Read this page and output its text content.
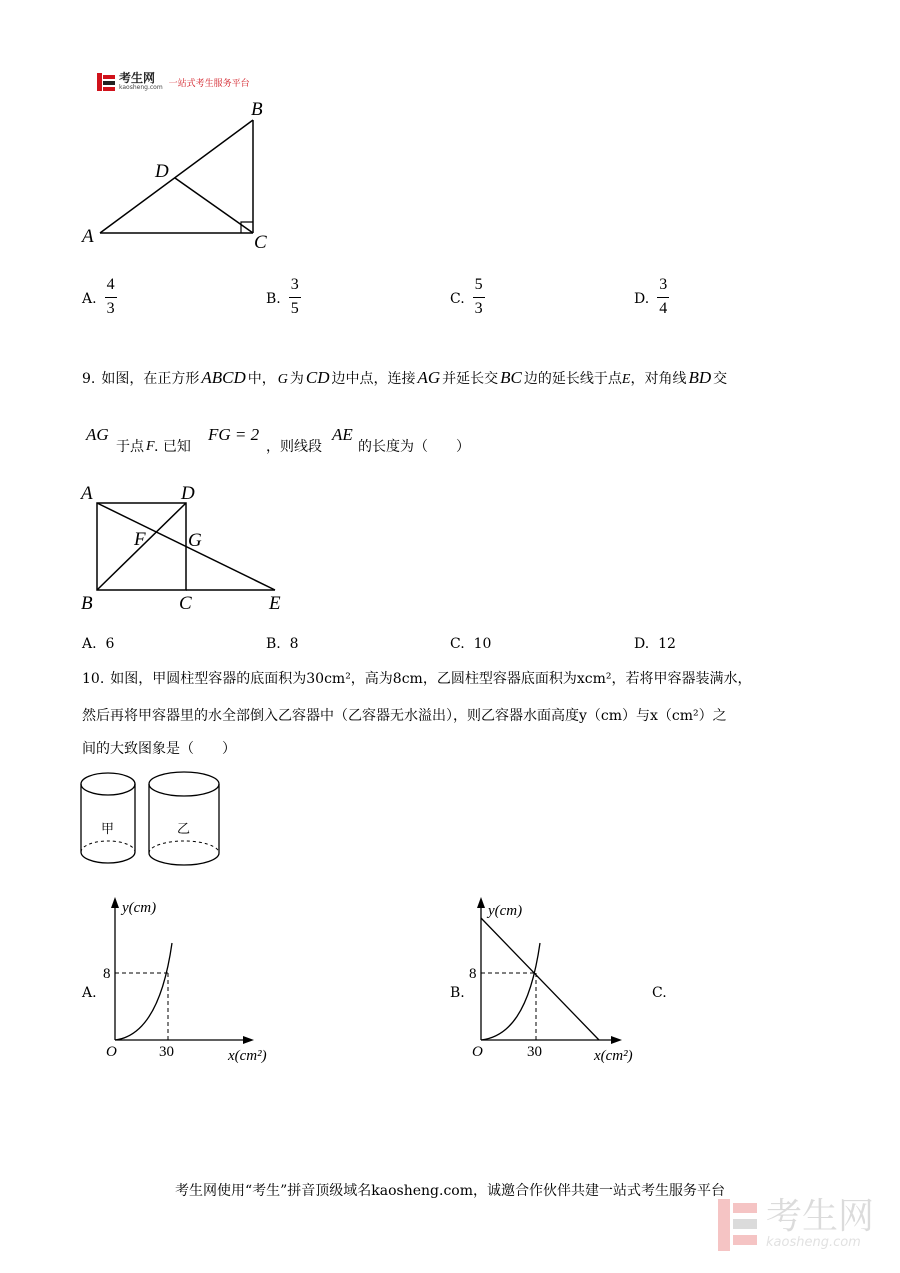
考生网
kaosheng.com 一站式考生服务平台
A
B
C
D
A. $\frac{4}{3}$	B. $\frac{3}{5}$	C. $\frac{5}{3}$	D. $\frac{3}{4}$
9. 如图，在正方形 ABCD 中， G 为 CD 边中点，连接 AG 并延长交 BC 边的延长线于点 E ，对角线 BD 交
AG
于点 F . 已知
FG = 2
，则线段
AE
的长度为（　　）
A	D
F G
B	C	E
A.  6	B.  8	C.  10	D.  12
10. 如图，甲圆柱型容器的底面积为30cm²，高为8cm，乙圆柱型容器底面积为xcm²，若将甲容器装满水，
然后再将甲容器里的水全部倒入乙容器中（乙容器无水溢出），则乙容器水面高度y（cm）与x（cm²）之
间的大致图象是（　　）
甲	乙
A.
y(cm)
8
O	30	x(cm²)
B.
y(cm)
8
O	30	x(cm²)
C.
考生网使用“考生”拼音顶级域名kaosheng.com，诚邀合作伙伴共建一站式考生服务平台
考生网
kaosheng.com
